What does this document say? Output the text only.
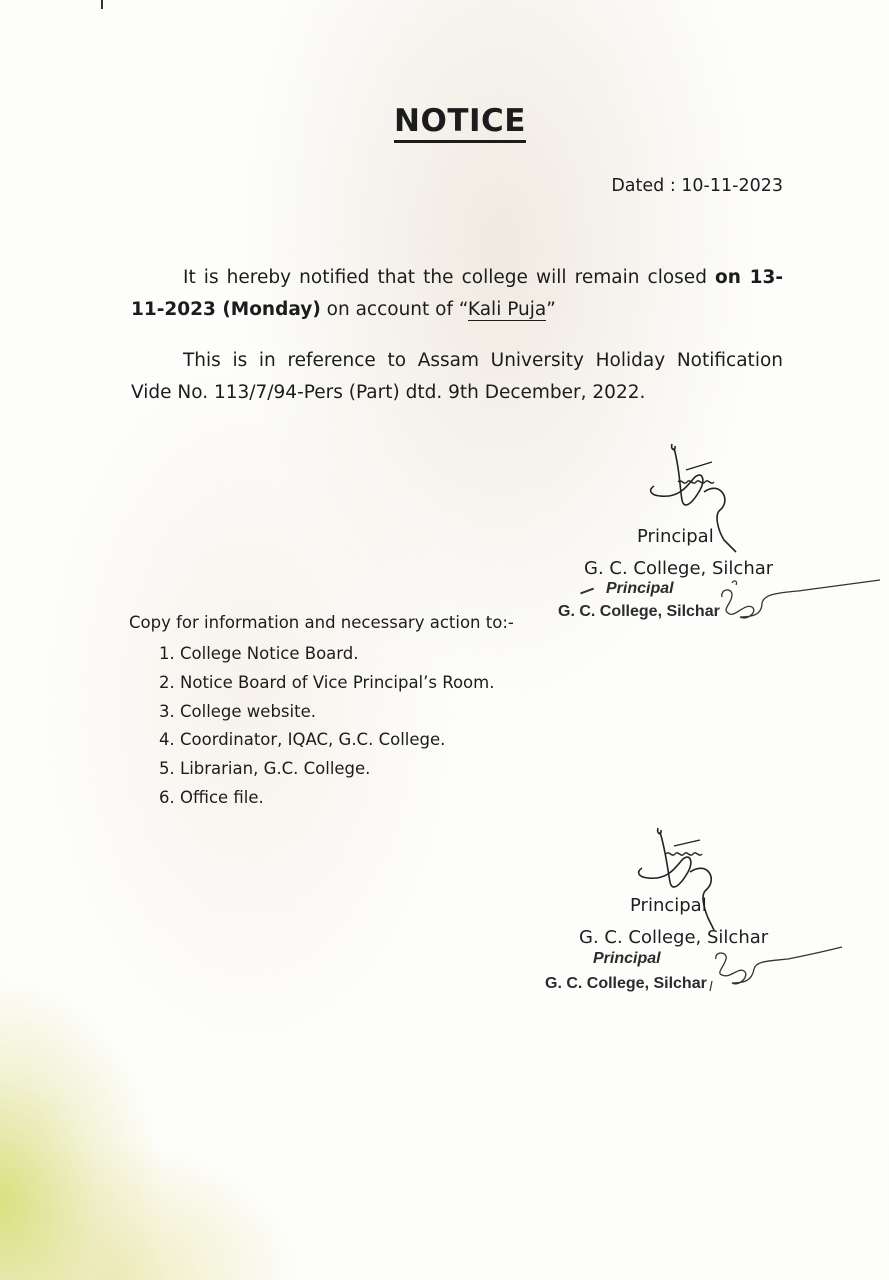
NOTICE
Dated : 10-11-2023
It is hereby notified that the college will remain closed on 13-11-2023 (Monday) on account of “Kali Puja”
This is in reference to Assam University Holiday Notification Vide No. 113/7/94-Pers (Part) dtd. 9th December, 2022.
Principal
G. C. College, Silchar
Principal
G. C. College, Silchar
Copy for information and necessary action to:-
1. College Notice Board.
2. Notice Board of Vice Principal’s Room.
3. College website.
4. Coordinator, IQAC, G.C. College.
5. Librarian, G.C. College.
6. Office file.
Principal
G. C. College, Silchar
Principal
G. C. College, Silchar
